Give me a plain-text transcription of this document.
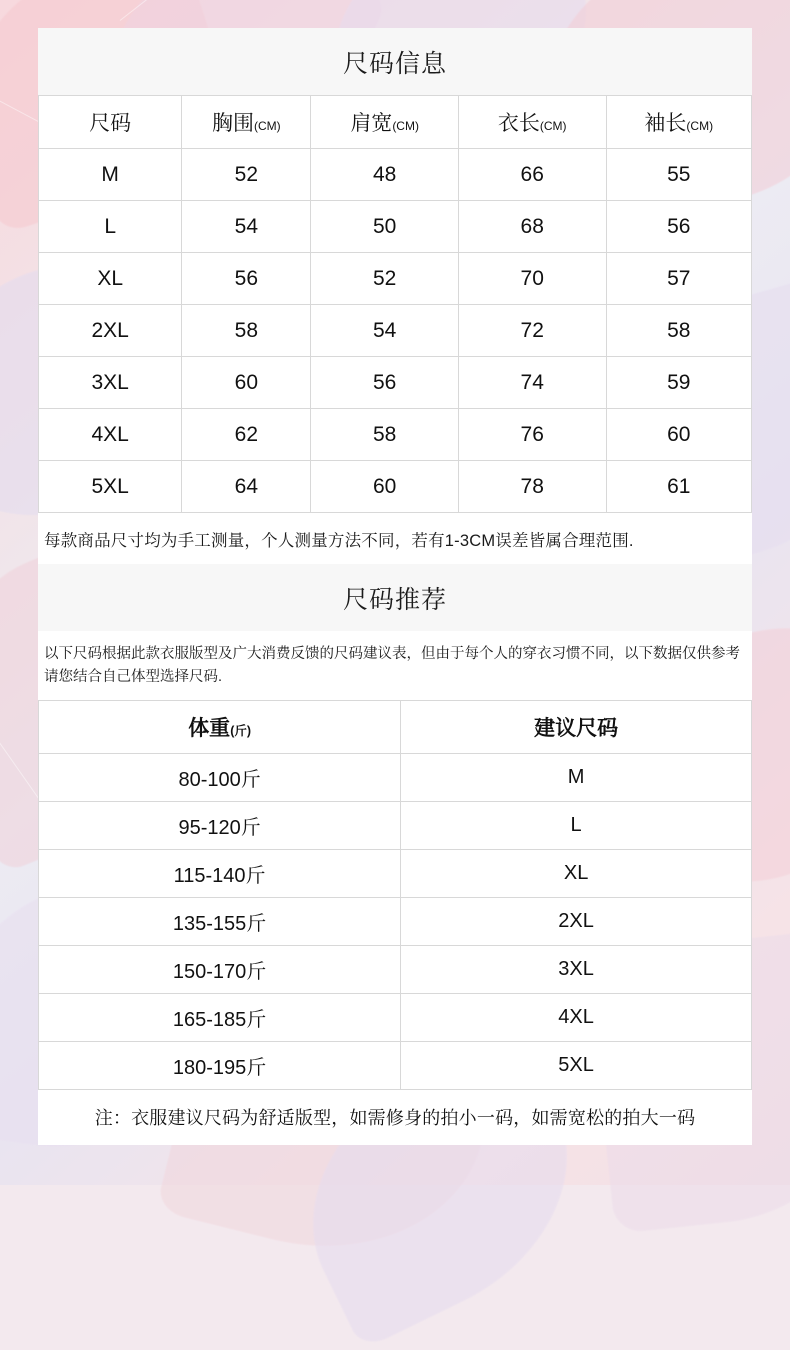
尺码信息
尺码	胸围(CM)	肩宽(CM)	衣长(CM)	袖长(CM)
M	52	48	66	55
L	54	50	68	56
XL	56	52	70	57
2XL	58	54	72	58
3XL	60	56	74	59
4XL	62	58	76	60
5XL	64	60	78	61
每款商品尺寸均为手工测量，个人测量方法不同，若有1-3CM误差皆属合理范围.
尺码推荐
以下尺码根据此款衣服版型及广大消费反馈的尺码建议表，但由于每个人的穿衣习惯不同，以下数据仅供参考请您结合自己体型选择尺码.
体重(斤)	建议尺码
80-100斤	M
95-120斤	L
115-140斤	XL
135-155斤	2XL
150-170斤	3XL
165-185斤	4XL
180-195斤	5XL
注：衣服建议尺码为舒适版型，如需修身的拍小一码，如需宽松的拍大一码
